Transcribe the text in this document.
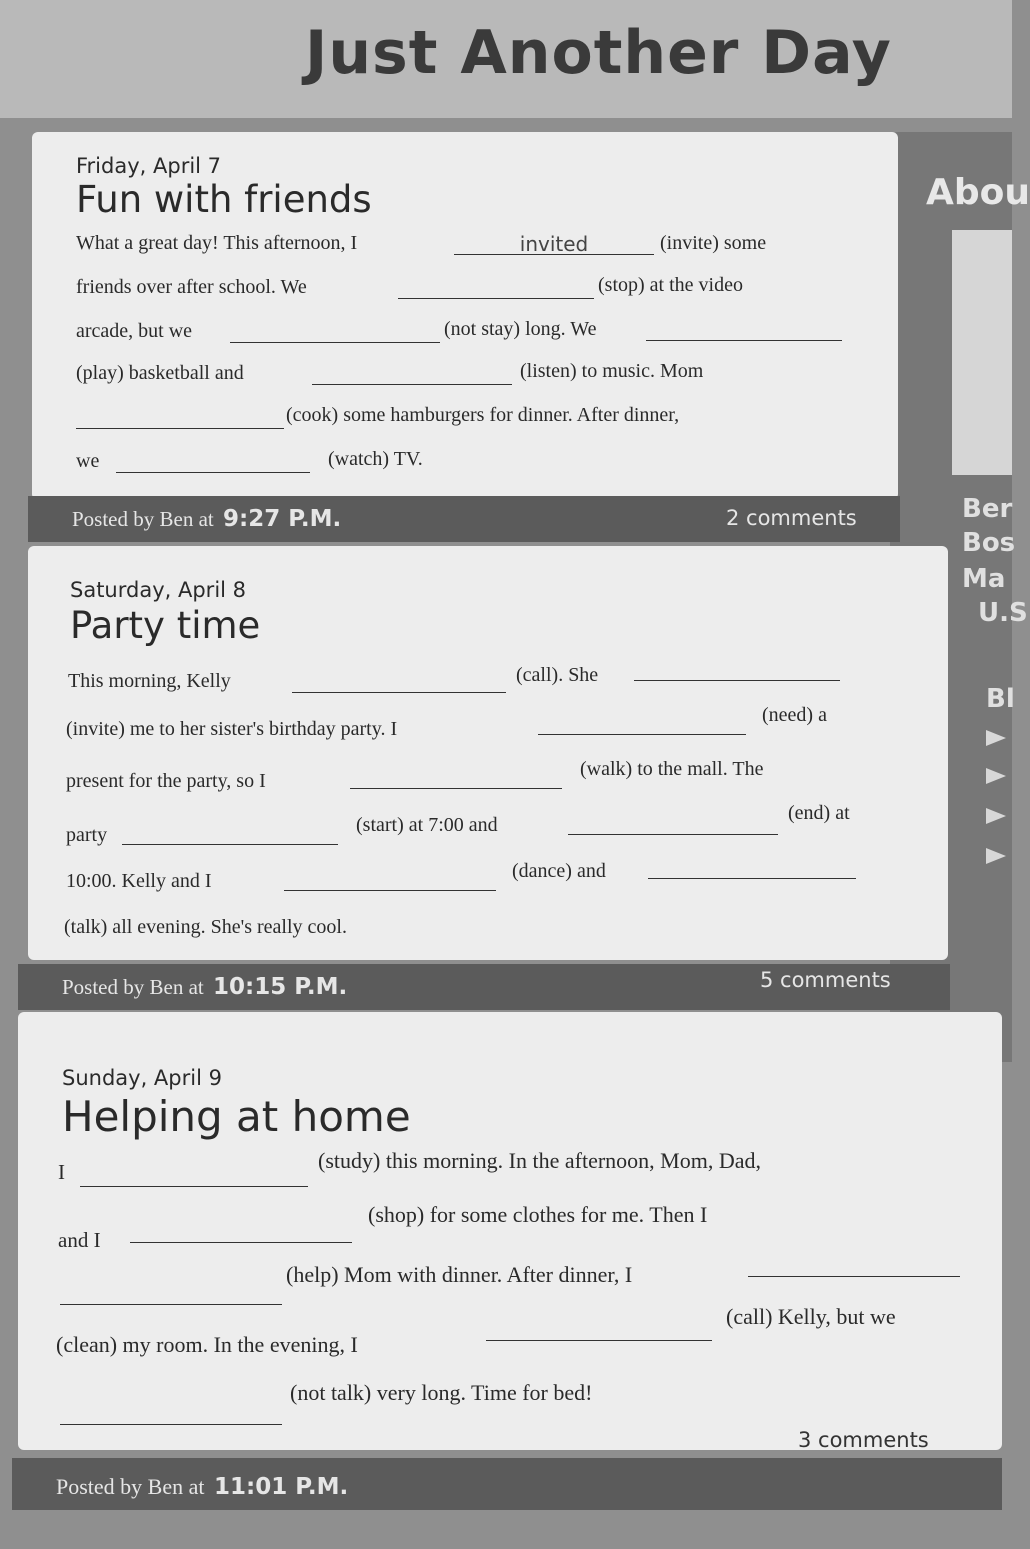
Just Another Day
Abou
Ber
Bos
Ma
U.S
Bl
Friday, April 7
Fun with friends
What a great day! This afternoon, I	invited	(invite) some
friends over after school. We	(stop) at the video
arcade, but we	(not stay) long. We
(play) basketball and	(listen) to music. Mom
(cook) some hamburgers for dinner. After dinner,
we	(watch) TV.
Posted by Ben at 9:27 P.M.	2 comments
Saturday, April 8
Party time
This morning, Kelly	(call). She
(invite) me to her sister's birthday party. I
(need) a
present for the party, so I
(walk) to the mall. The
party	(start) at 7:00 and
(end) at
10:00. Kelly and I	(dance) and
(talk) all evening. She's really cool.
Posted by Ben at 10:15 P.M.	5 comments
Sunday, April 9
Helping at home
I	(study) this morning. In the afternoon, Mom, Dad,
and I
(shop) for some clothes for me. Then I
(help) Mom with dinner. After dinner, I
(clean) my room. In the evening, I
(call) Kelly, but we
(not talk) very long. Time for bed!
Posted by Ben at 11:01 P.M.
3 comments
